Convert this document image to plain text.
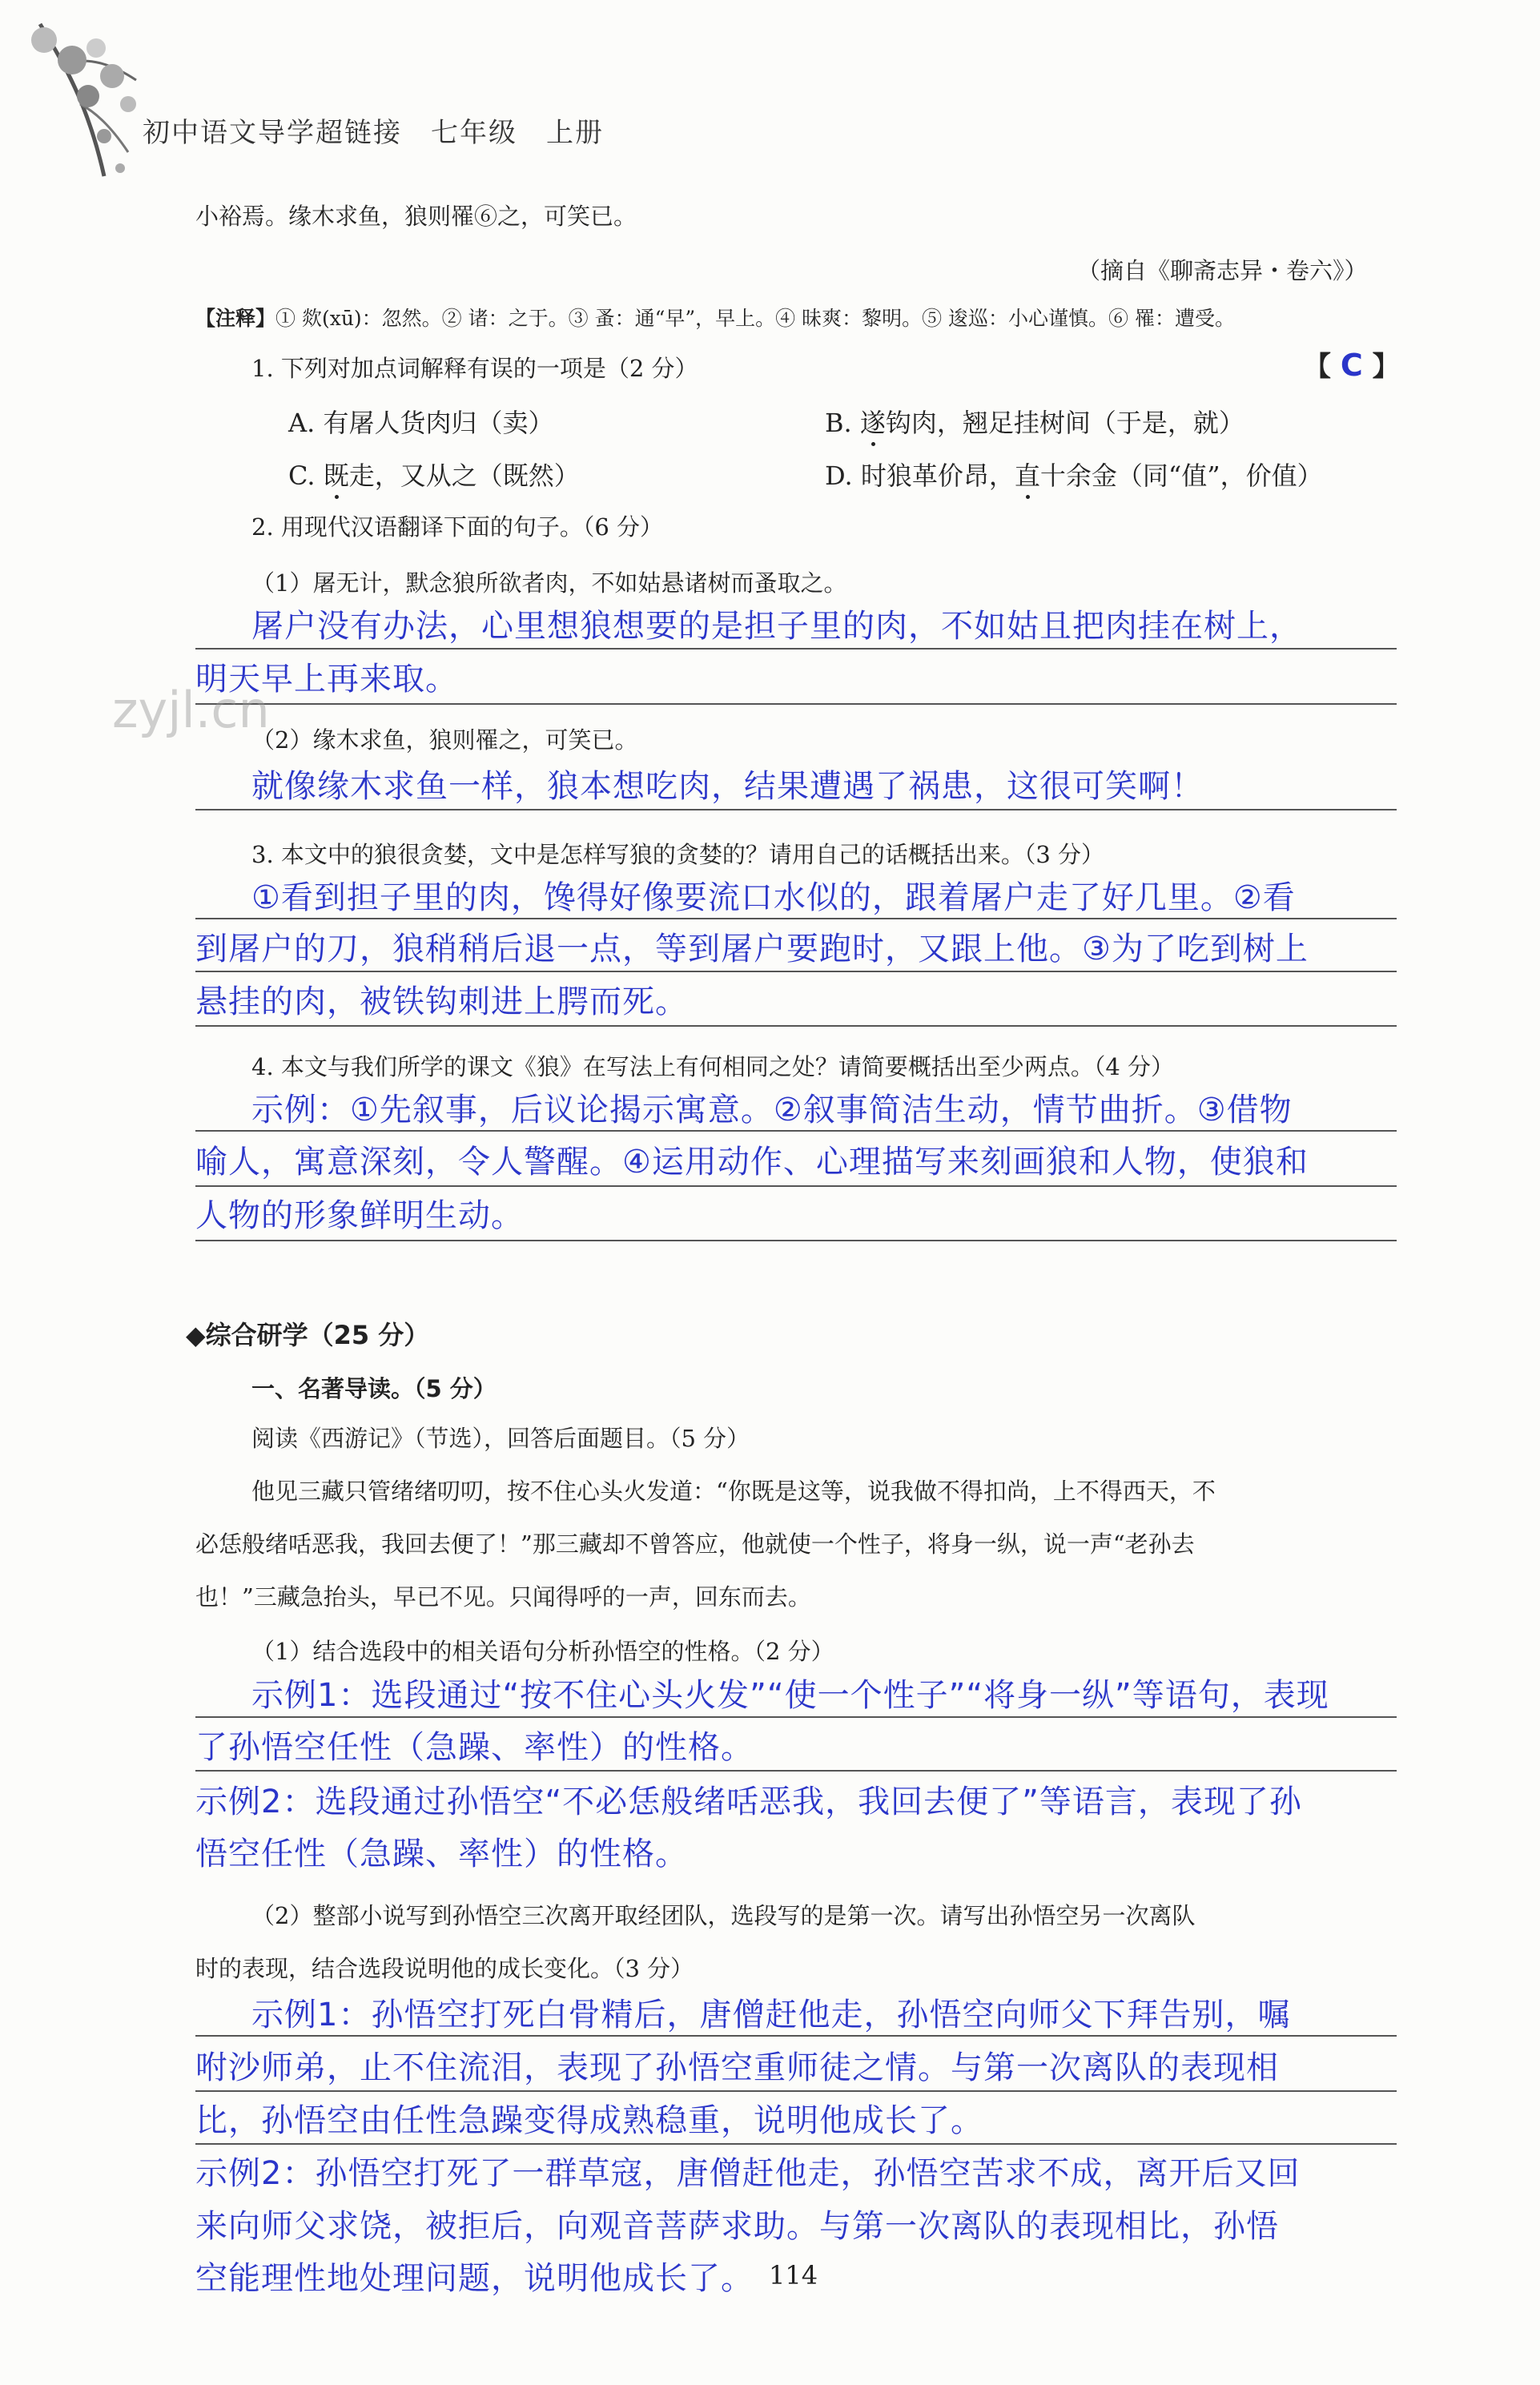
初中语文导学超链接　七年级　上册
小裕焉。缘木求鱼，狼则罹⑥之，可笑已。
（摘自《聊斋志异・卷六》）
【注释】① 欻(xū)：忽然。② 诸：之于。③ 蚤：通“早”，早上。④ 昧爽：黎明。⑤ 逡巡：小心谨慎。⑥ 罹：遭受。
1. 下列对加点词解释有误的一项是（2 分）	【 C 】
A. 有屠人货肉归（卖）	B. 遂钩肉，翘足挂树间（于是，就）
C. 既走，又从之（既然）	D. 时狼革价昂，直十余金（同“值”，价值）
2. 用现代汉语翻译下面的句子。（6 分）
（1）屠无计，默念狼所欲者肉，不如姑悬诸树而蚤取之。
屠户没有办法，心里想狼想要的是担子里的肉，不如姑且把肉挂在树上，
明天早上再来取。
（2）缘木求鱼，狼则罹之，可笑已。
就像缘木求鱼一样，狼本想吃肉，结果遭遇了祸患，这很可笑啊！
3. 本文中的狼很贪婪，文中是怎样写狼的贪婪的？请用自己的话概括出来。（3 分）
①看到担子里的肉，馋得好像要流口水似的，跟着屠户走了好几里。②看
到屠户的刀，狼稍稍后退一点，等到屠户要跑时，又跟上他。③为了吃到树上
悬挂的肉，被铁钩刺进上腭而死。
4. 本文与我们所学的课文《狼》在写法上有何相同之处？请简要概括出至少两点。（4 分）
示例：①先叙事，后议论揭示寓意。②叙事简洁生动，情节曲折。③借物
喻人，寓意深刻，令人警醒。④运用动作、心理描写来刻画狼和人物，使狼和
人物的形象鲜明生动。
◆综合研学（25 分）
一、名著导读。（5 分）
阅读《西游记》（节选），回答后面题目。（5 分）
他见三藏只管绪绪叨叨，按不住心头火发道：“你既是这等，说我做不得扣尚，上不得西天，不
必恁般绪咶恶我，我回去便了！”那三藏却不曾答应，他就使一个性子，将身一纵，说一声“老孙去
也！”三藏急抬头，早已不见。只闻得呼的一声，回东而去。
（1）结合选段中的相关语句分析孙悟空的性格。（2 分）
示例1：选段通过“按不住心头火发”“使一个性子”“将身一纵”等语句，表现
了孙悟空任性（急躁、率性）的性格。
示例2：选段通过孙悟空“不必恁般绪咶恶我，我回去便了”等语言，表现了孙
悟空任性（急躁、率性）的性格。
（2）整部小说写到孙悟空三次离开取经团队，选段写的是第一次。请写出孙悟空另一次离队
时的表现，结合选段说明他的成长变化。（3 分）
示例1：孙悟空打死白骨精后，唐僧赶他走，孙悟空向师父下拜告别，嘱
咐沙师弟，止不住流泪，表现了孙悟空重师徒之情。与第一次离队的表现相
比，孙悟空由任性急躁变得成熟稳重，说明他成长了。
示例2：孙悟空打死了一群草寇，唐僧赶他走，孙悟空苦求不成，离开后又回
来向师父求饶，被拒后，向观音菩萨求助。与第一次离队的表现相比，孙悟
空能理性地处理问题，说明他成长了。
zyjl.cn
114
